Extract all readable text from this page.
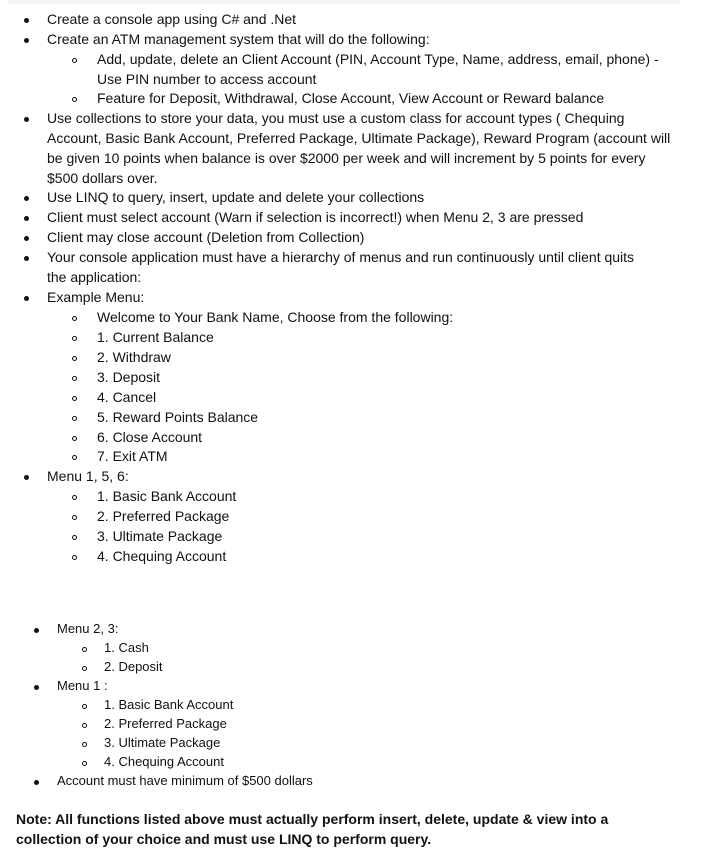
Create a console app using C# and .Net
Create an ATM management system that will do the following:
Add, update, delete an Client Account (PIN, Account Type, Name, address, email, phone) -
Use PIN number to access account
Feature for Deposit, Withdrawal, Close Account, View Account or Reward balance
Use collections to store your data, you must use a custom class for account types ( Chequing
Account, Basic Bank Account, Preferred Package, Ultimate Package), Reward Program (account will
be given 10 points when balance is over $2000 per week and will increment by 5 points for every
$500 dollars over.
Use LINQ to query, insert, update and delete your collections
Client must select account (Warn if selection is incorrect!) when Menu 2, 3 are pressed
Client may close account (Deletion from Collection)
Your console application must have a hierarchy of menus and run continuously until client quits
the application:
Example Menu:
Welcome to Your Bank Name, Choose from the following:
1. Current Balance
2. Withdraw
3. Deposit
4. Cancel
5. Reward Points Balance
6. Close Account
7. Exit ATM
Menu 1, 5, 6:
1. Basic Bank Account
2. Preferred Package
3. Ultimate Package
4. Chequing Account
Menu 2, 3:
1. Cash
2. Deposit
Menu 1 :
1. Basic Bank Account
2. Preferred Package
3. Ultimate Package
4. Chequing Account
Account must have minimum of $500 dollars
Note: All functions listed above must actually perform insert, delete, update & view into a collection of your choice and must use LINQ to perform query.
